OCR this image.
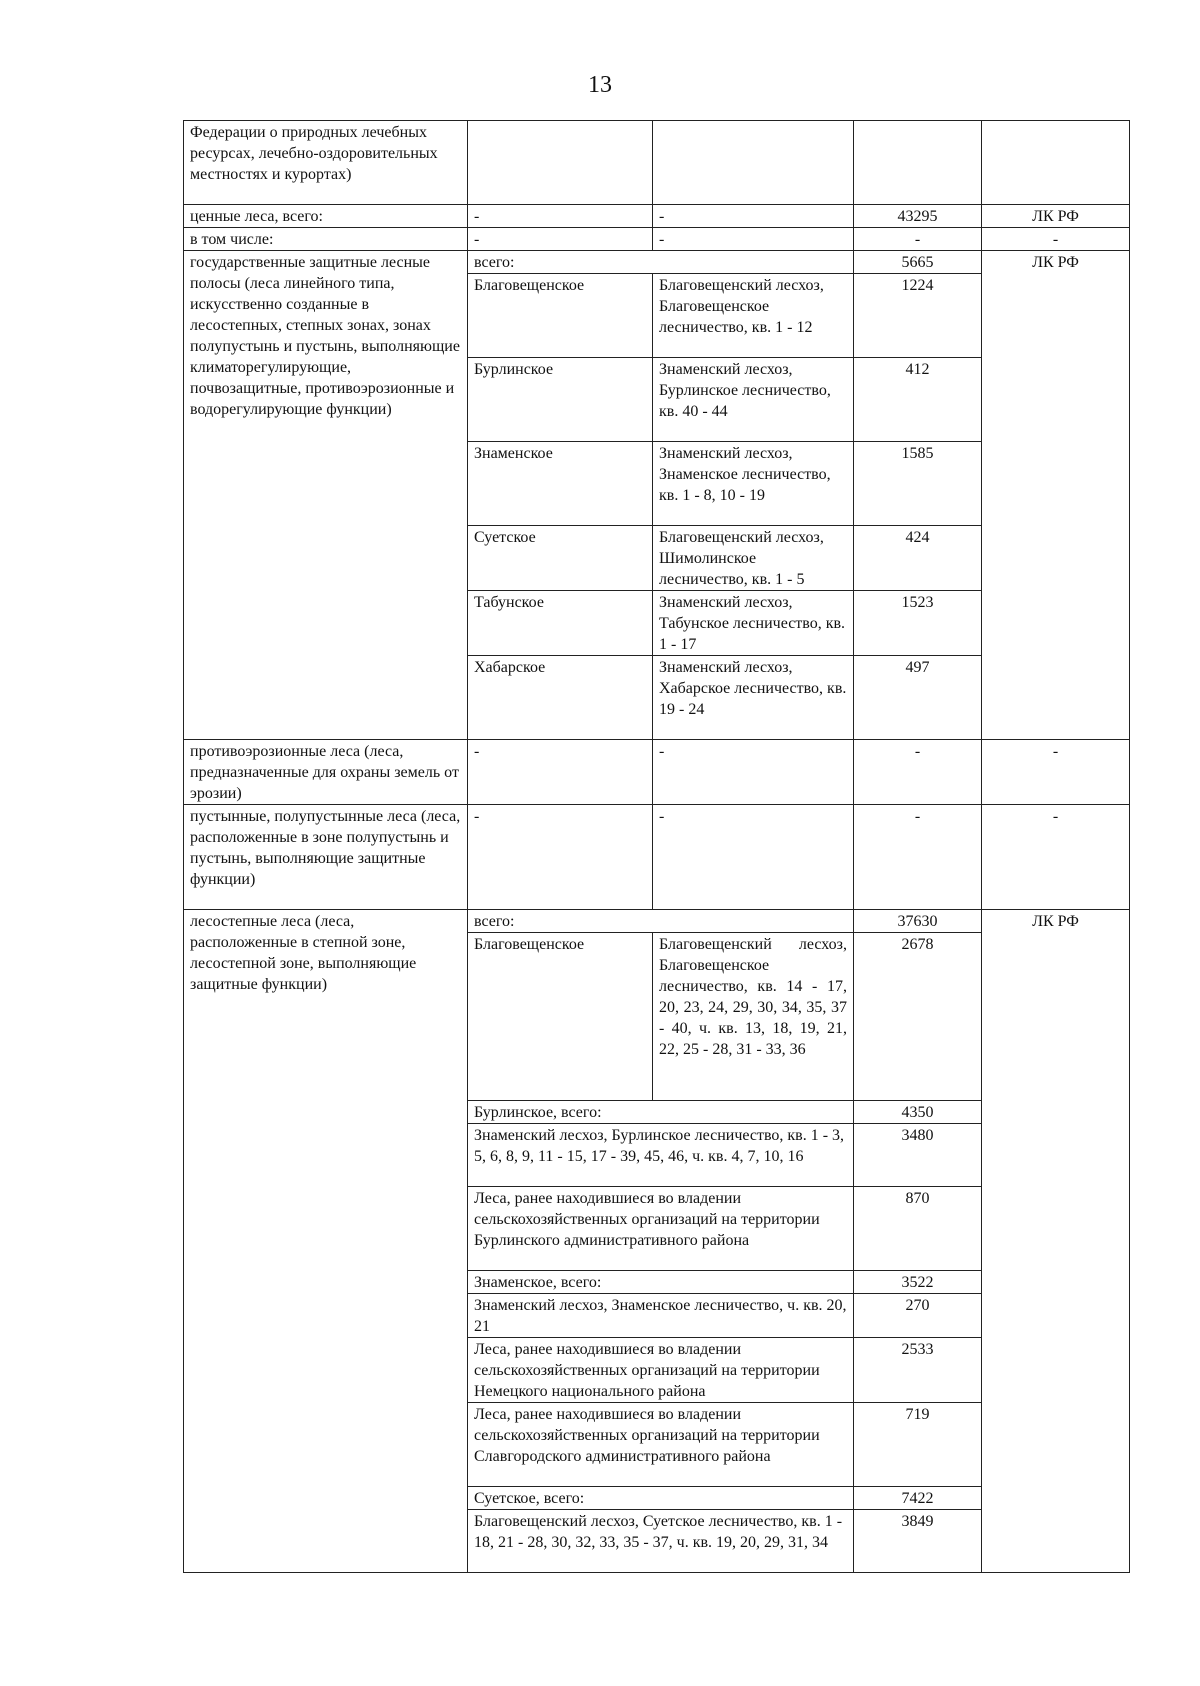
13
Федерации о природных лечебных ресурсах, лечебно-оздоровительных местностях и курортах)				
ценные леса, всего:	-	-	43295	ЛК РФ
в том числе:	-	-	-	-
государственные защитные лесные полосы (леса линейного типа, искусственно созданные в лесостепных, степных зонах, зонах полупустынь и пустынь, выполняющие климаторегулирующие, почвозащитные, противоэрозионные и водорегулирующие функции)	всего:		5665	ЛК РФ
	Благовещенское	Благовещенский лесхоз, Благовещенское лесничество, кв. 1 - 12	1224	
	Бурлинское	Знаменский лесхоз, Бурлинское лесничество, кв. 40 - 44	412	
	Знаменское	Знаменский лесхоз, Знаменское лесничество, кв. 1 - 8, 10 - 19	1585	
	Суетское	Благовещенский лесхоз, Шимолинское лесничество, кв. 1 - 5	424	
	Табунское	Знаменский лесхоз, Табунское лесничество, кв. 1 - 17	1523	
	Хабарское	Знаменский лесхоз, Хабарское лесничество, кв. 19 - 24	497	
противоэрозионные леса (леса, предназначенные для охраны земель от эрозии)	-	-	-	-
пустынные, полупустынные леса (леса, расположенные в зоне полупустынь и пустынь, выполняющие защитные функции)	-	-	-	-
лесостепные леса (леса, расположенные в степной зоне, лесостепной зоне, выполняющие защитные функции)	всего:		37630	ЛК РФ
	Благовещенское	Благовещенский лесхоз, Благовещенское лесничество, кв. 14 - 17, 20, 23, 24, 29, 30, 34, 35, 37 - 40, ч. кв. 13, 18, 19, 21, 22, 25 - 28, 31 - 33, 36	2678	
	Бурлинское, всего:		4350	
	Знаменский лесхоз, Бурлинское лесничество, кв. 1 - 3, 5, 6, 8, 9, 11 - 15, 17 - 39, 45, 46, ч. кв. 4, 7, 10, 16		3480	
	Леса, ранее находившиеся во владении сельскохозяйственных организаций на территории Бурлинского административного района		870	
	Знаменское, всего:		3522	
	Знаменский лесхоз, Знаменское лесничество, ч. кв. 20, 21		270	
	Леса, ранее находившиеся во владении сельскохозяйственных организаций на территории Немецкого национального района		2533	
	Леса, ранее находившиеся во владении сельскохозяйственных организаций на территории Славгородского административного района		719	
	Суетское, всего:		7422	
	Благовещенский лесхоз, Суетское лесничество, кв. 1 - 18, 21 - 28, 30, 32, 33, 35 - 37, ч. кв. 19, 20, 29, 31, 34		3849	
